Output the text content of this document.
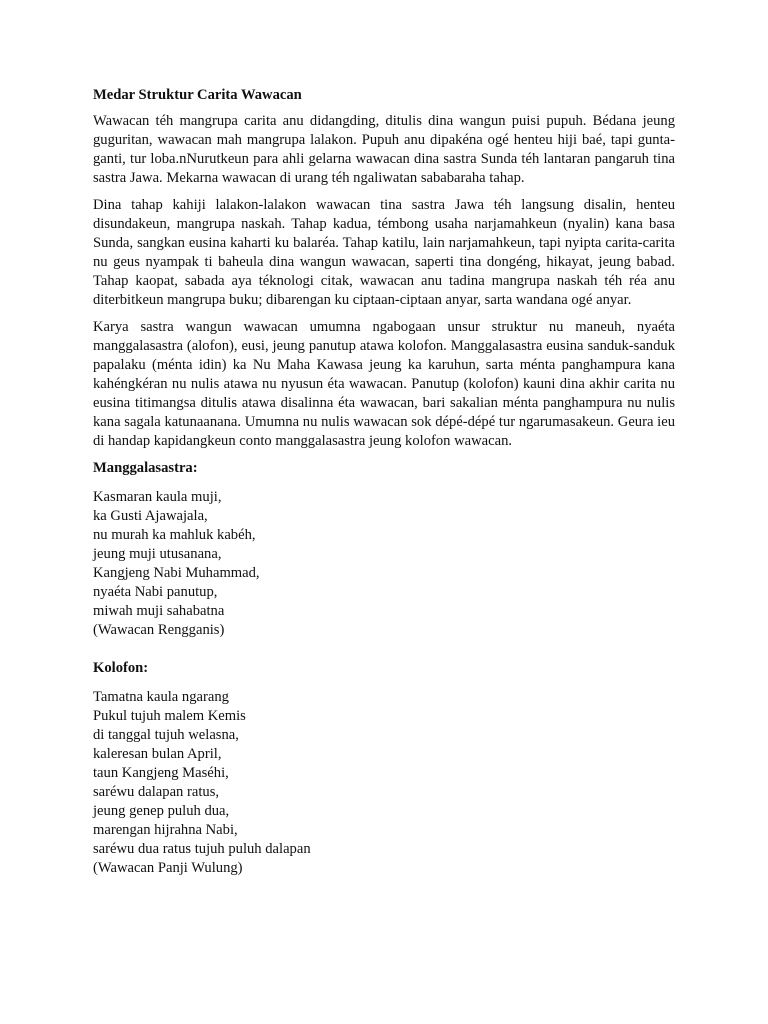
Medar Struktur Carita Wawacan

Wawacan téh mangrupa carita anu didangding, ditulis dina wangun puisi pupuh. Bédana jeung guguritan, wawacan mah mangrupa lalakon. Pupuh anu dipakéna ogé henteu hiji baé, tapi gunta-ganti, tur loba.nNurutkeun para ahli gelarna wawacan dina sastra Sunda téh lantaran pangaruh tina sastra Jawa. Mekarna wawacan di urang téh ngaliwatan sababaraha tahap.

Dina tahap kahiji lalakon-lalakon wawacan tina sastra Jawa téh langsung disalin, henteu disundakeun, mangrupa naskah. Tahap kadua, témbong usaha narjamahkeun (nyalin) kana basa Sunda, sangkan eusina kaharti ku balaréa. Tahap katilu, lain narjamahkeun, tapi nyipta carita-carita nu geus nyampak ti baheula dina wangun wawacan, saperti tina dongéng, hikayat, jeung babad. Tahap kaopat, sabada aya téknologi citak, wawacan anu tadina mangrupa naskah téh réa anu diterbitkeun mangrupa buku; dibarengan ku ciptaan-ciptaan anyar, sarta wandana ogé anyar.

Karya sastra wangun wawacan umumna ngabogaan unsur struktur nu maneuh, nyaéta manggalasastra (alofon), eusi, jeung panutup atawa kolofon. Manggalasastra eusina sanduk-sanduk papalaku (ménta idin) ka Nu Maha Kawasa jeung ka karuhun, sarta ménta panghampura kana kahéngkéran nu nulis atawa nu nyusun éta wawacan. Panutup (kolofon) kauni dina akhir carita nu eusina titimangsa ditulis atawa disalinna éta wawacan, bari sakalian ménta panghampura nu nulis kana sagala katunaanana. Umumna nu nulis wawacan sok dépé-dépé tur ngarumasakeun. Geura ieu di handap kapidangkeun conto manggalasastra jeung kolofon wawacan.

Manggalasastra:
Kasmaran kaula muji,
ka Gusti Ajawajala,
nu murah ka mahluk kabéh,
jeung muji utusanana,
Kangjeng Nabi Muhammad,
nyaéta Nabi panutup,
miwah muji sahabatna
(Wawacan Rengganis)
Kolofon:
Tamatna kaula ngarang
Pukul tujuh malem Kemis
di tanggal tujuh welasna,
kaleresan bulan April,
taun Kangjeng Maséhi,
saréwu dalapan ratus,
jeung genep puluh dua,
marengan hijrahna Nabi,
saréwu dua ratus tujuh puluh dalapan
(Wawacan Panji Wulung)
